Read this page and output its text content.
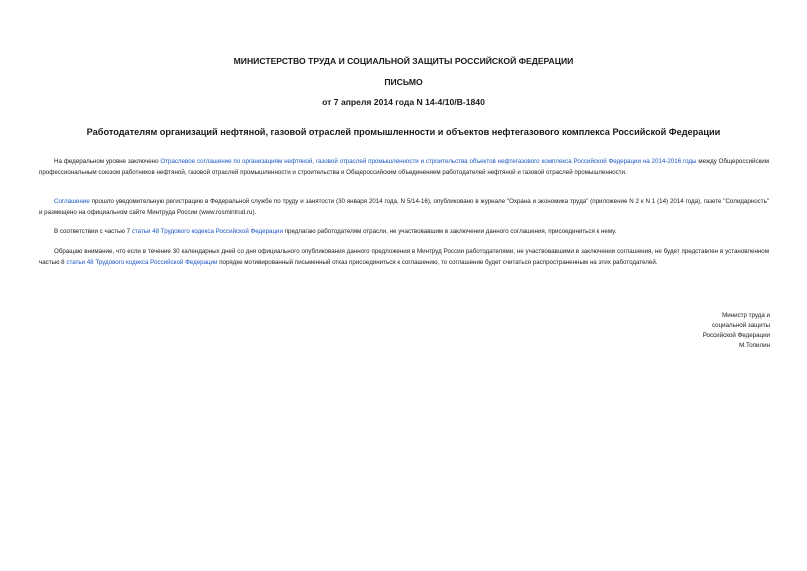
МИНИСТЕРСТВО ТРУДА И СОЦИАЛЬНОЙ ЗАЩИТЫ РОССИЙСКОЙ ФЕДЕРАЦИИ
ПИСЬМО
от 7 апреля 2014 года N 14-4/10/В-1840
Работодателям организаций нефтяной, газовой отраслей промышленности и объектов нефтегазового комплекса Российской Федерации
На федеральном уровне заключено Отраслевое соглашение по организациям нефтяной, газовой отраслей промышленности и строительства объектов нефтегазового комплекса Российской Федерации на 2014-2016 годы между Общероссийским профессиональным союзом работников нефтяной, газовой отраслей промышленности и строительства и Общероссийским объединением работодателей нефтяной и газовой отраслей промышленности.
Соглашение прошло уведомительную регистрацию в Федеральной службе по труду и занятости (30 января 2014 года, N 5/14-16), опубликовано в журнале "Охрана и экономика труда" (приложение N 2 к N 1 (14) 2014 года), газете "Солидарность" и размещено на официальном сайте Минтруда России (www.rosmintrud.ru).
В соответствии с частью 7 статьи 48 Трудового кодекса Российской Федерации предлагаю работодателям отрасли, не участвовавшим в заключении данного соглашения, присоединиться к нему.
Обращаю внимание, что если в течение 30 календарных дней со дня официального опубликования данного предложения в Минтруд России работодателями, не участвовавшими в заключении соглашения, не будет представлен в установленном частью 8 статьи 48 Трудового кодекса Российской Федерации порядке мотивированный письменный отказ присоединиться к соглашению, то соглашение будет считаться распространенным на этих работодателей.
Министр труда и
социальной защиты
Российской Федерации
М.Топилин
